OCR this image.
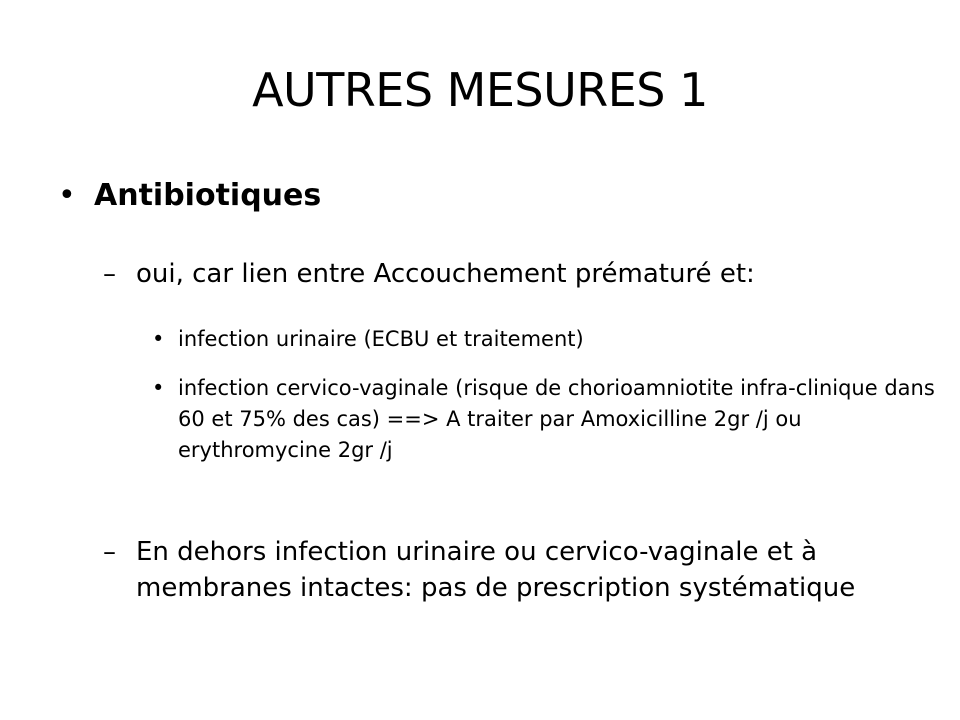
AUTRES MESURES 1
• Antibiotiques
– oui, car lien entre Accouchement prématuré et:
• infection urinaire (ECBU et traitement)
• infection cervico-vaginale (risque de chorioamniotite infra-clinique dans 60 et 75% des cas) ==> A traiter par Amoxicilline 2gr /j ou erythromycine 2gr /j
– En dehors infection urinaire ou cervico-vaginale et à membranes intactes: pas de prescription systématique
